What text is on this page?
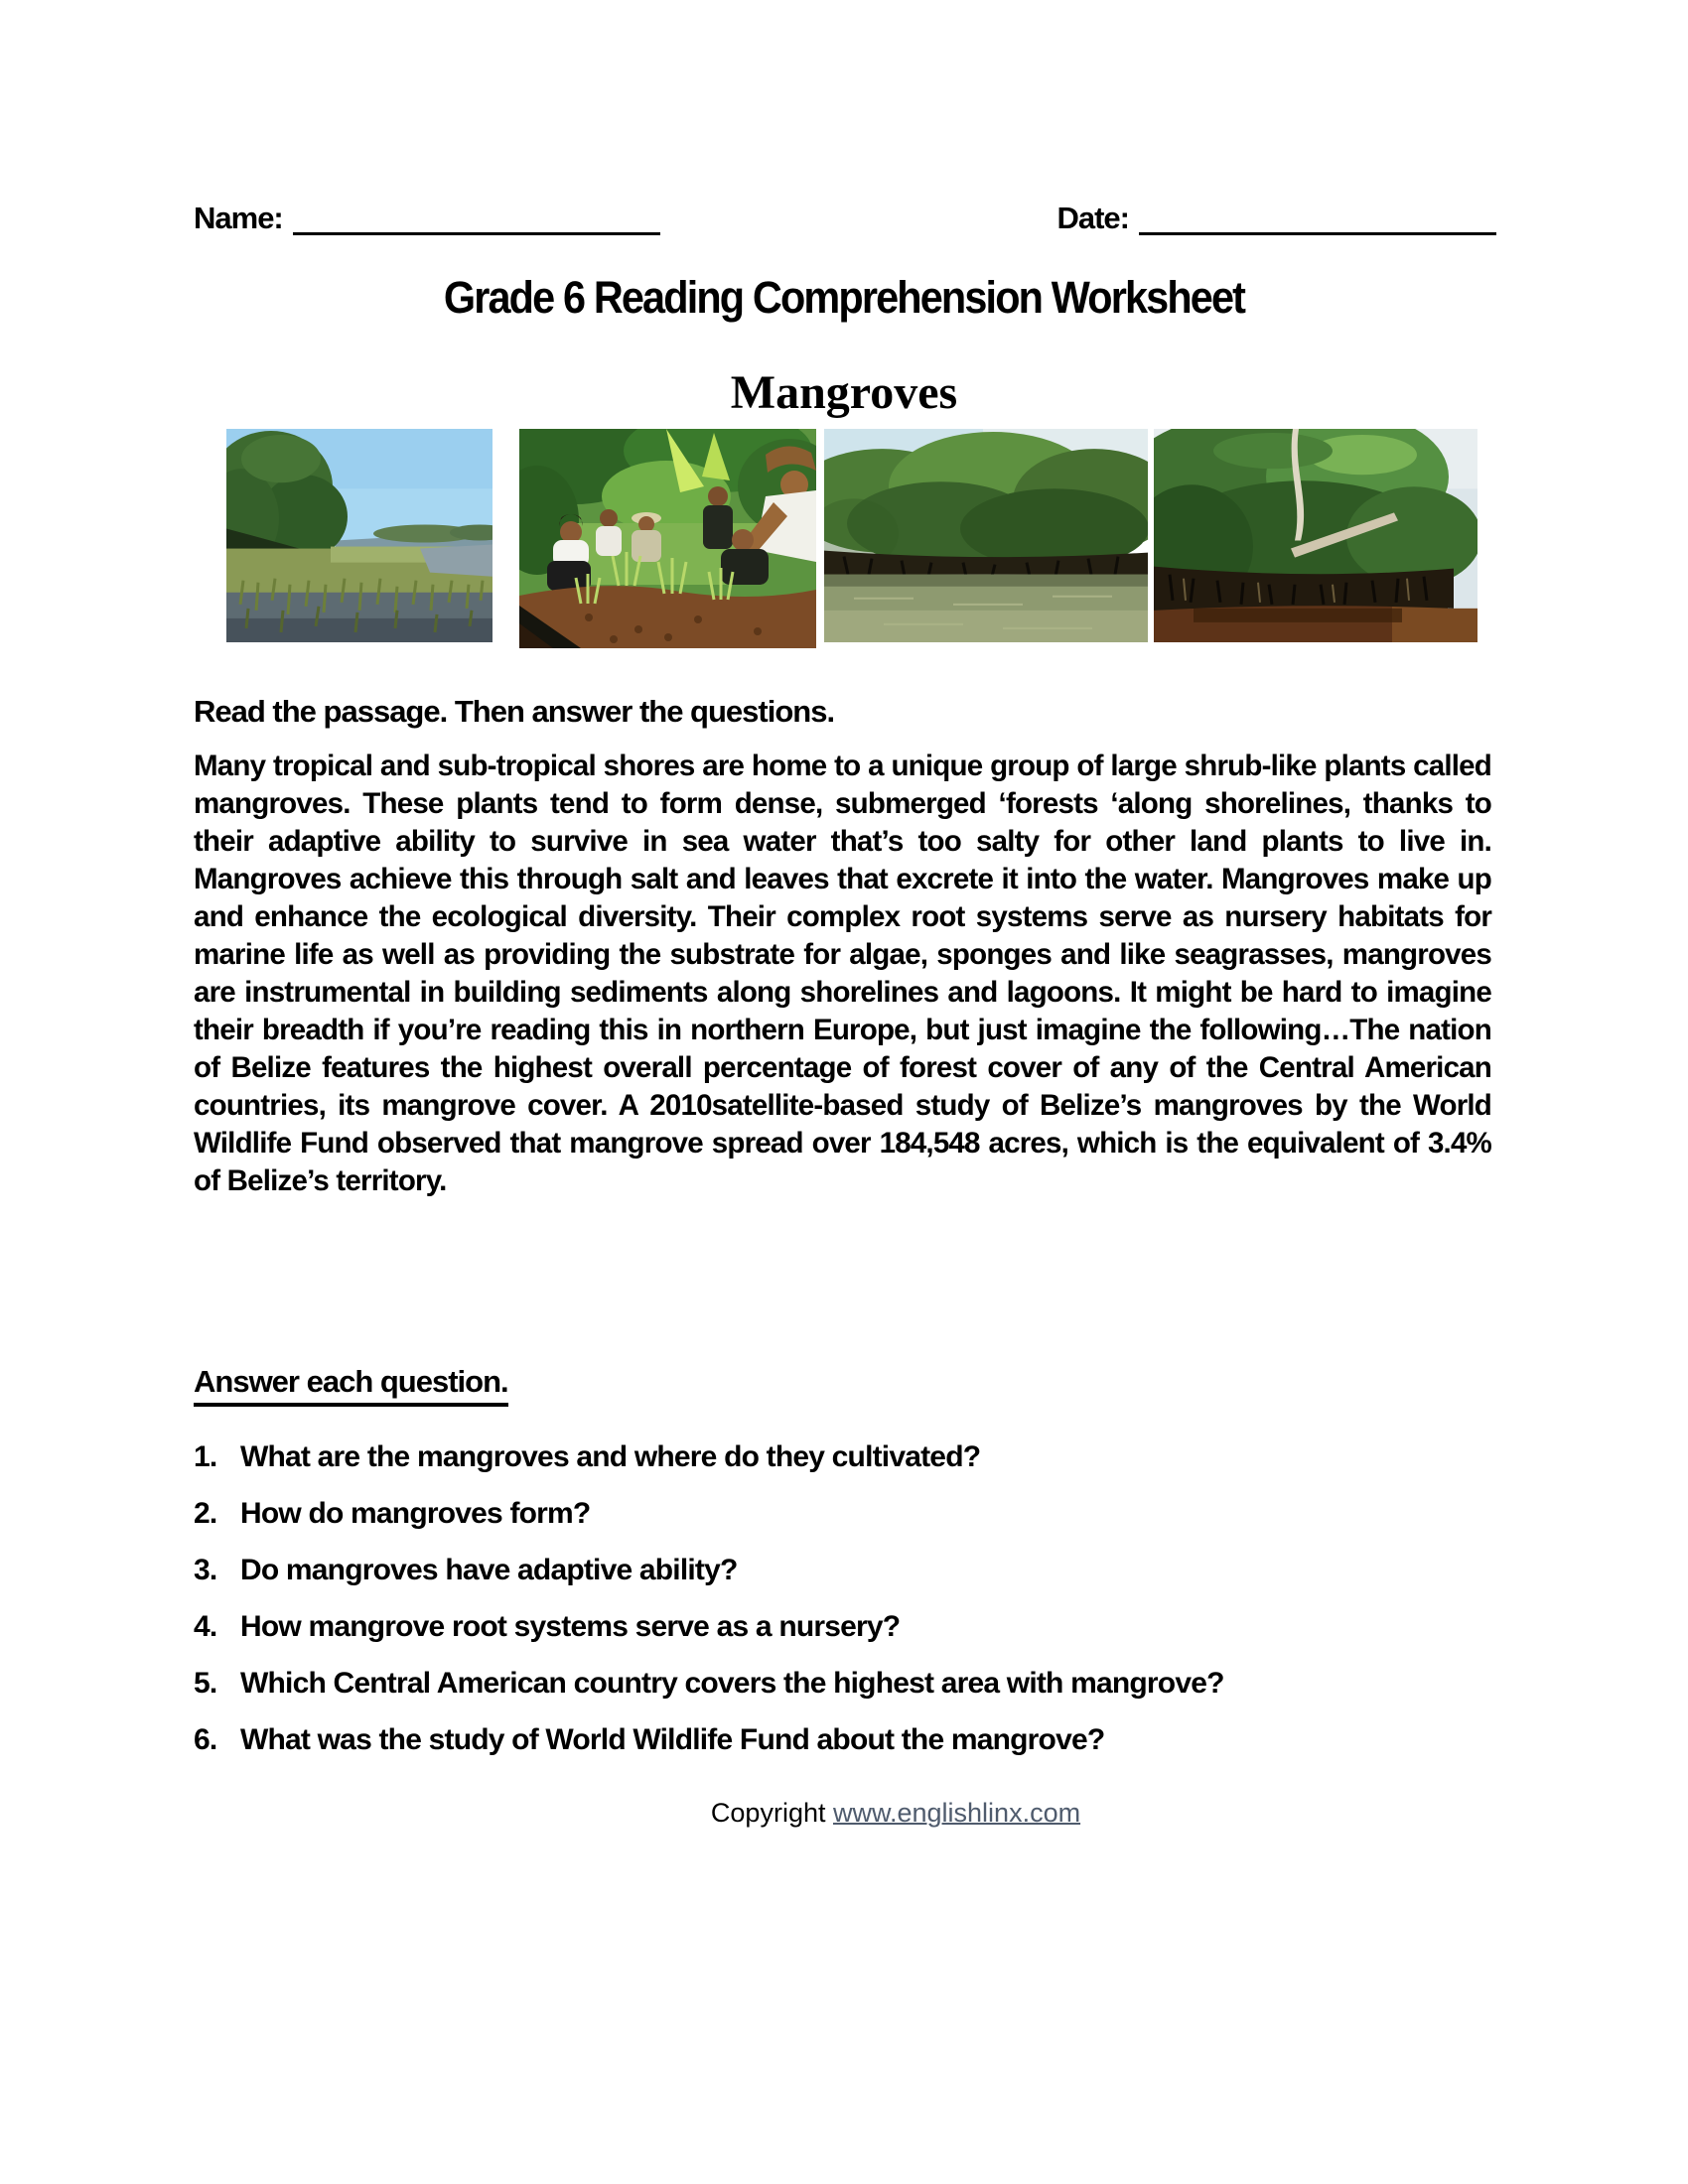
Name:	Date:
Grade 6 Reading Comprehension Worksheet
Mangroves
Read the passage. Then answer the questions.
Many tropical and sub-tropical shores are home to a unique group of large shrub-like plants called mangroves. These plants tend to form dense, submerged ‘forests ‘along shorelines, thanks to their adaptive ability to survive in sea water that’s too salty for other land plants to live in. Mangroves achieve this through salt and leaves that excrete it into the water. Mangroves make up and enhance the ecological diversity. Their complex root systems serve as nursery habitats for marine life as well as providing the substrate for algae, sponges and like seagrasses, mangroves are instrumental in building sediments along shorelines and lagoons. It might be hard to imagine their breadth if you’re reading this in northern Europe, but just imagine the following…The nation of Belize features the highest overall percentage of forest cover of any of the Central American countries, its mangrove cover. A 2010satellite-based study of Belize’s mangroves by the World Wildlife Fund observed that mangrove spread over 184,548 acres, which is the equivalent of 3.4% of Belize’s territory.
Answer each question.
1. What are the mangroves and where do they cultivated?
2. How do mangroves form?
3. Do mangroves have adaptive ability?
4. How mangrove root systems serve as a nursery?
5. Which Central American country covers the highest area with mangrove?
6. What was the study of World Wildlife Fund about the mangrove?
Copyright www.englishlinx.com
